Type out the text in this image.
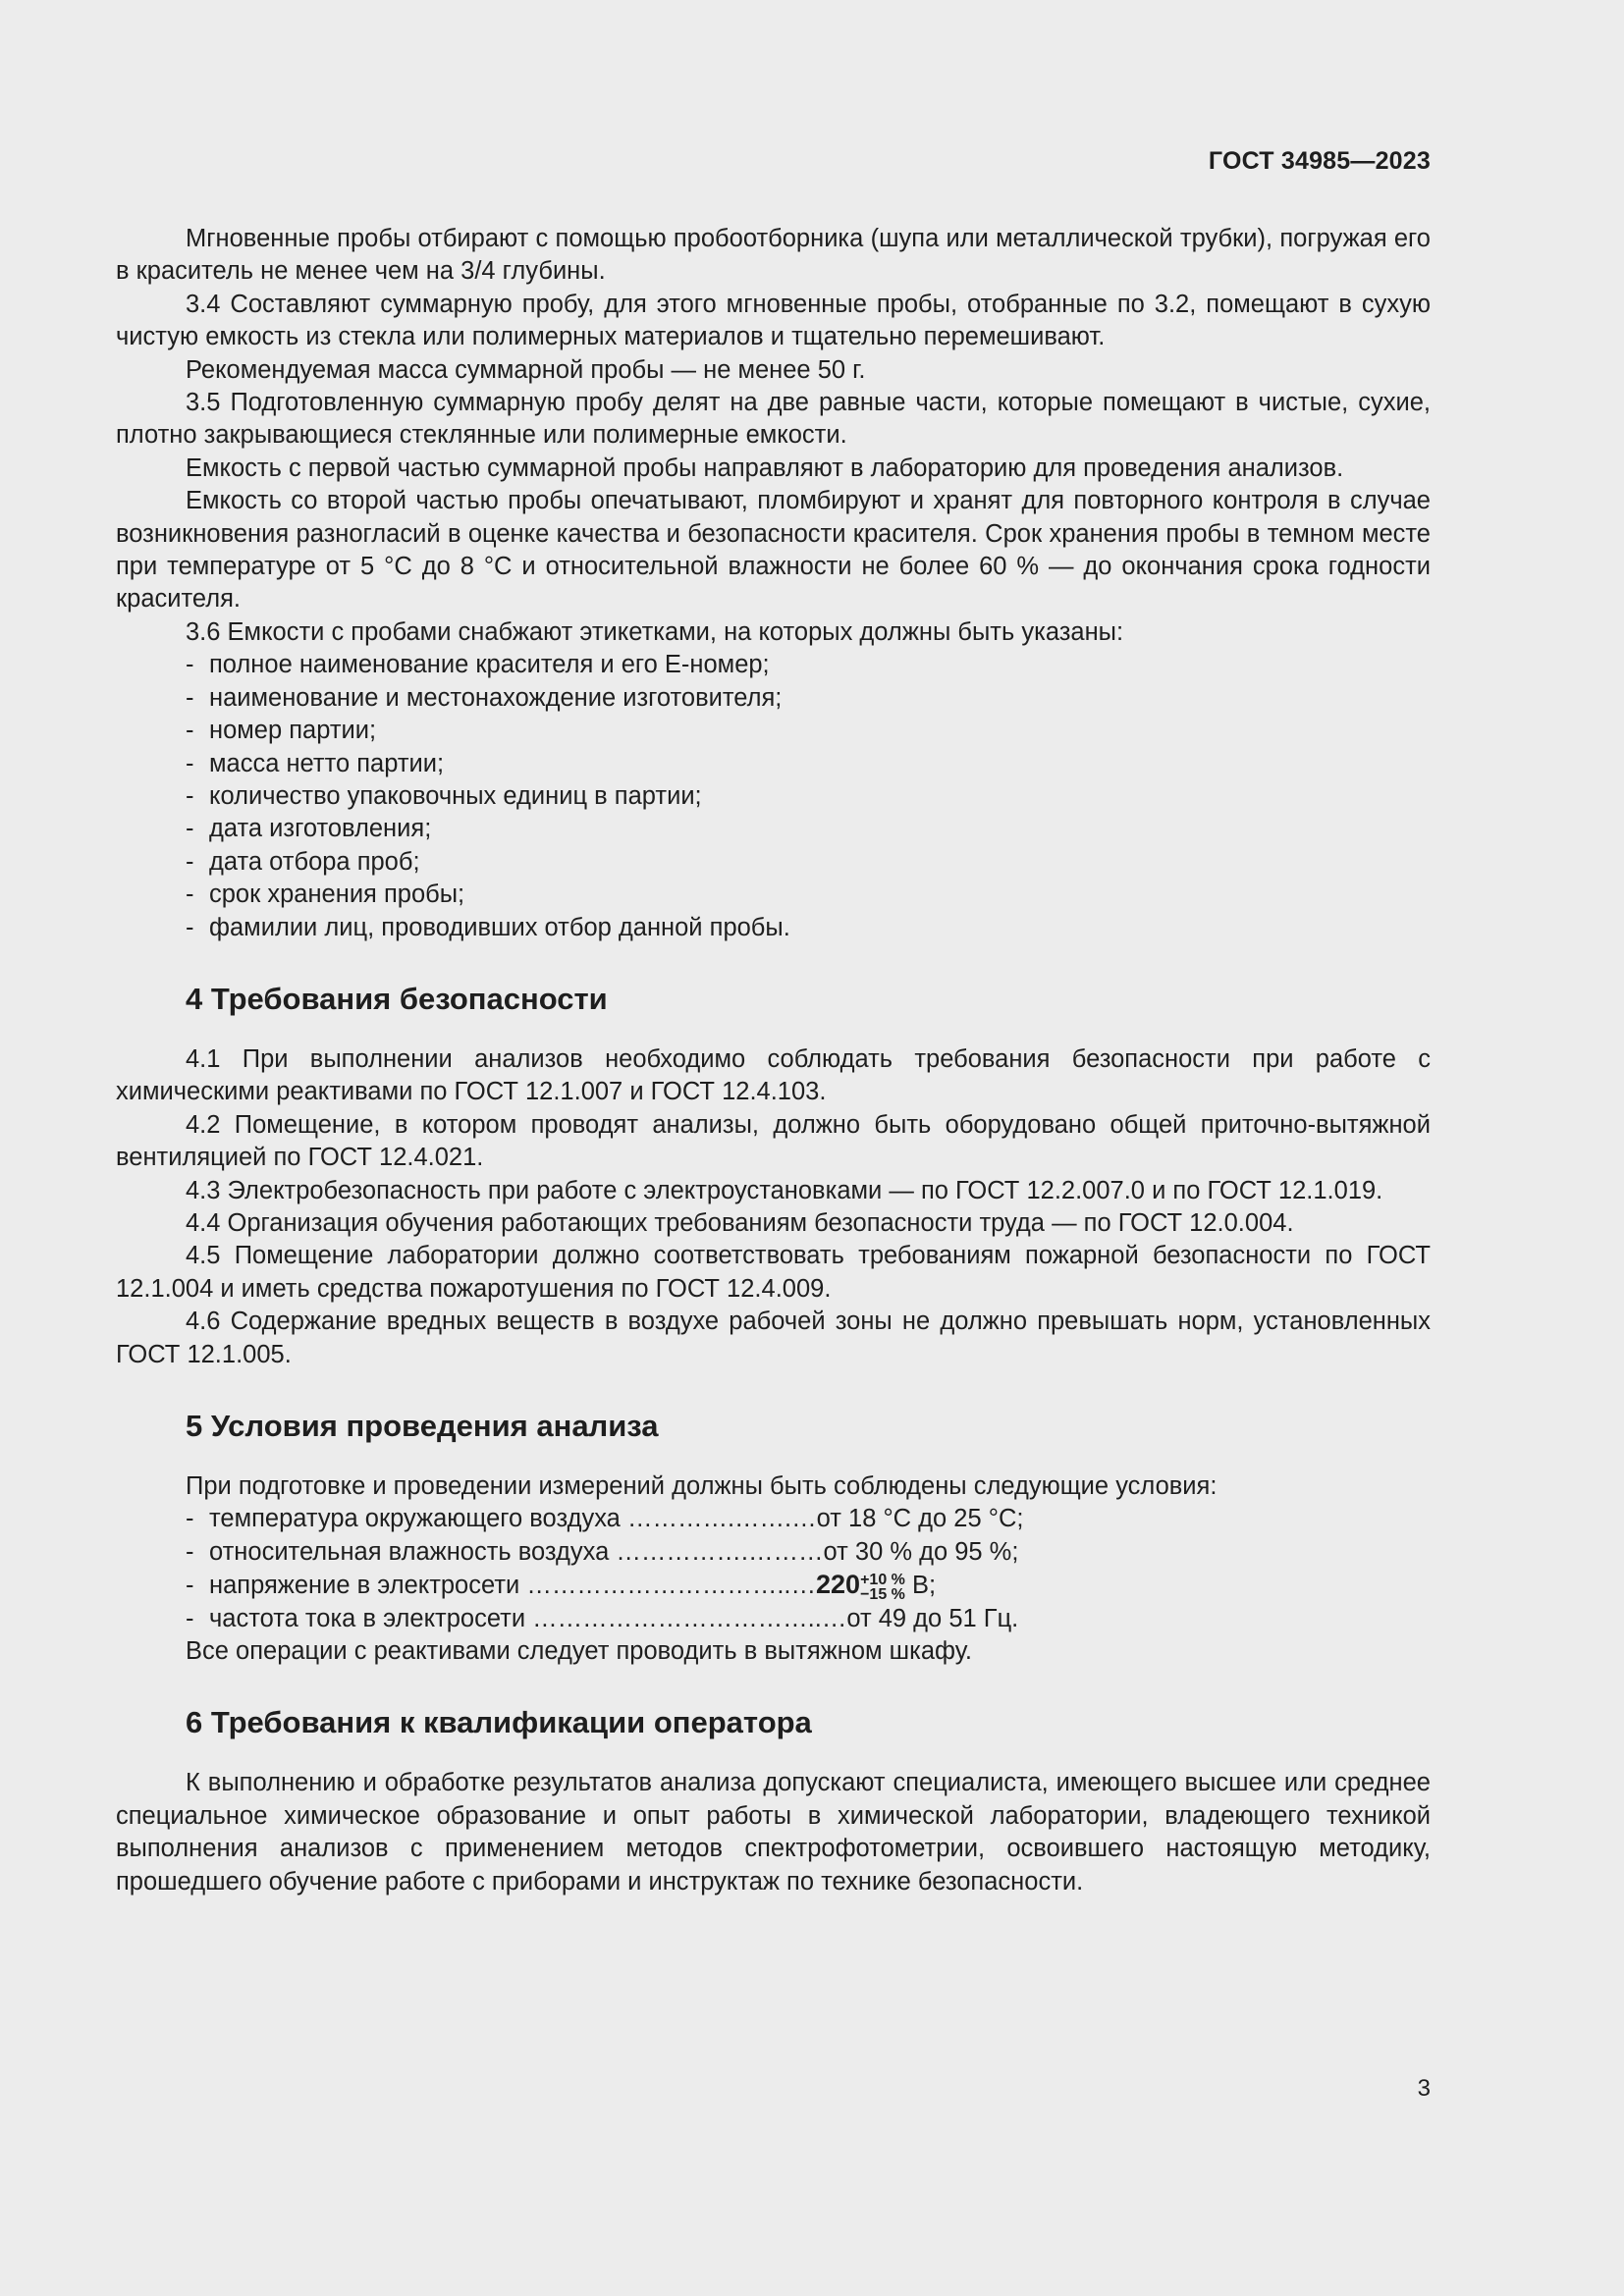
ГОСТ 34985—2023

Мгновенные пробы отбирают с помощью пробоотборника (шупа или металлической трубки), погружая его в краситель не менее чем на 3/4 глубины.

3.4 Составляют суммарную пробу, для этого мгновенные пробы, отобранные по 3.2, помещают в сухую чистую емкость из стекла или полимерных материалов и тщательно перемешивают.

Рекомендуемая масса суммарной пробы — не менее 50 г.

3.5 Подготовленную суммарную пробу делят на две равные части, которые помещают в чистые, сухие, плотно закрывающиеся стеклянные или полимерные емкости.

Емкость с первой частью суммарной пробы направляют в лабораторию для проведения анализов.

Емкость со второй частью пробы опечатывают, пломбируют и хранят для повторного контроля в случае возникновения разногласий в оценке качества и безопасности красителя. Срок хранения пробы в темном месте при температуре от 5 °С до 8 °С и относительной влажности не более 60 % — до окончания срока годности красителя.

3.6 Емкости с пробами снабжают этикетками, на которых должны быть указаны:

- полное наименование красителя и его Е-номер;

- наименование и местонахождение изготовителя;

- номер партии;

- масса нетто партии;

- количество упаковочных единиц в партии;

- дата изготовления;

- дата отбора проб;

- срок хранения пробы;

- фамилии лиц, проводивших отбор данной пробы.

4 Требования безопасности

4.1 При выполнении анализов необходимо соблюдать требования безопасности при работе с химическими реактивами по ГОСТ 12.1.007 и ГОСТ 12.4.103.

4.2 Помещение, в котором проводят анализы, должно быть оборудовано общей приточно-вытяжной вентиляцией по ГОСТ 12.4.021.

4.3 Электробезопасность при работе с электроустановками — по ГОСТ 12.2.007.0 и по ГОСТ 12.1.019.

4.4 Организация обучения работающих требованиям безопасности труда — по ГОСТ 12.0.004.

4.5 Помещение лаборатории должно соответствовать требованиям пожарной безопасности по ГОСТ 12.1.004 и иметь средства пожаротушения по ГОСТ 12.4.009.

4.6 Содержание вредных веществ в воздухе рабочей зоны не должно превышать норм, установленных ГОСТ 12.1.005.

5 Условия проведения анализа

При подготовке и проведении измерений должны быть соблюдены следующие условия:

- температура окружающего воздуха ………….…….…от 18 °С до 25 °С;

- относительная влажность воздуха …………….………от 30 % до 95 %;

- напряжение в электросети …………………………..…220 +10 %
−15 % В;

- частота тока в электросети ……………………………..…от 49 до 51 Гц.

Все операции с реактивами следует проводить в вытяжном шкафу.

6 Требования к квалификации оператора

К выполнению и обработке результатов анализа допускают специалиста, имеющего высшее или среднее специальное химическое образование и опыт работы в химической лаборатории, владеющего техникой выполнения анализов с применением методов спектрофотометрии, освоившего настоящую методику, прошедшего обучение работе с приборами и инструктаж по технике безопасности.

3
